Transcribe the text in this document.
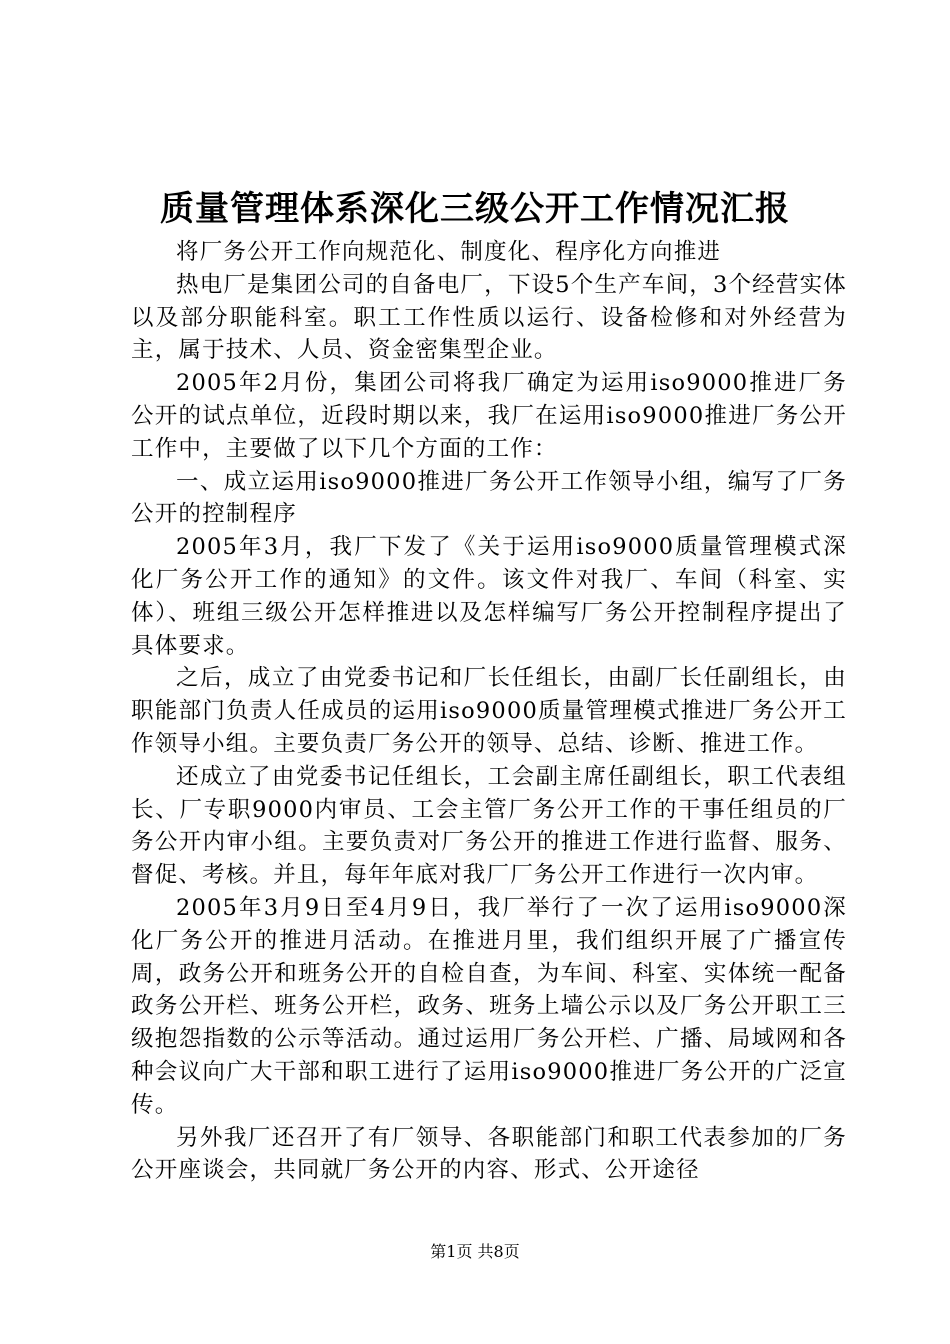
质量管理体系深化三级公开工作情况汇报

将厂务公开工作向规范化、制度化、程序化方向推进

热电厂是集团公司的自备电厂，下设5个生产车间，3个经营实体以及部分职能科室。职工工作性质以运行、设备检修和对外经营为主，属于技术、人员、资金密集型企业。

2005年2月份，集团公司将我厂确定为运用iso9000推进厂务公开的试点单位，近段时期以来，我厂在运用iso9000推进厂务公开工作中，主要做了以下几个方面的工作：

一、成立运用iso9000推进厂务公开工作领导小组，编写了厂务公开的控制程序

2005年3月，我厂下发了《关于运用iso9000质量管理模式深化厂务公开工作的通知》的文件。该文件对我厂、车间（科室、实体）、班组三级公开怎样推进以及怎样编写厂务公开控制程序提出了具体要求。

之后，成立了由党委书记和厂长任组长，由副厂长任副组长，由职能部门负责人任成员的运用iso9000质量管理模式推进厂务公开工作领导小组。主要负责厂务公开的领导、总结、诊断、推进工作。

还成立了由党委书记任组长，工会副主席任副组长，职工代表组长、厂专职9000内审员、工会主管厂务公开工作的干事任组员的厂务公开内审小组。主要负责对厂务公开的推进工作进行监督、服务、督促、考核。并且，每年年底对我厂厂务公开工作进行一次内审。

2005年3月9日至4月9日，我厂举行了一次了运用iso9000深化厂务公开的推进月活动。在推进月里，我们组织开展了广播宣传周，政务公开和班务公开的自检自查，为车间、科室、实体统一配备政务公开栏、班务公开栏，政务、班务上墙公示以及厂务公开职工三级抱怨指数的公示等活动。通过运用厂务公开栏、广播、局域网和各种会议向广大干部和职工进行了运用iso9000推进厂务公开的广泛宣传。

另外我厂还召开了有厂领导、各职能部门和职工代表参加的厂务公开座谈会，共同就厂务公开的内容、形式、公开途径

第1页 共8页
